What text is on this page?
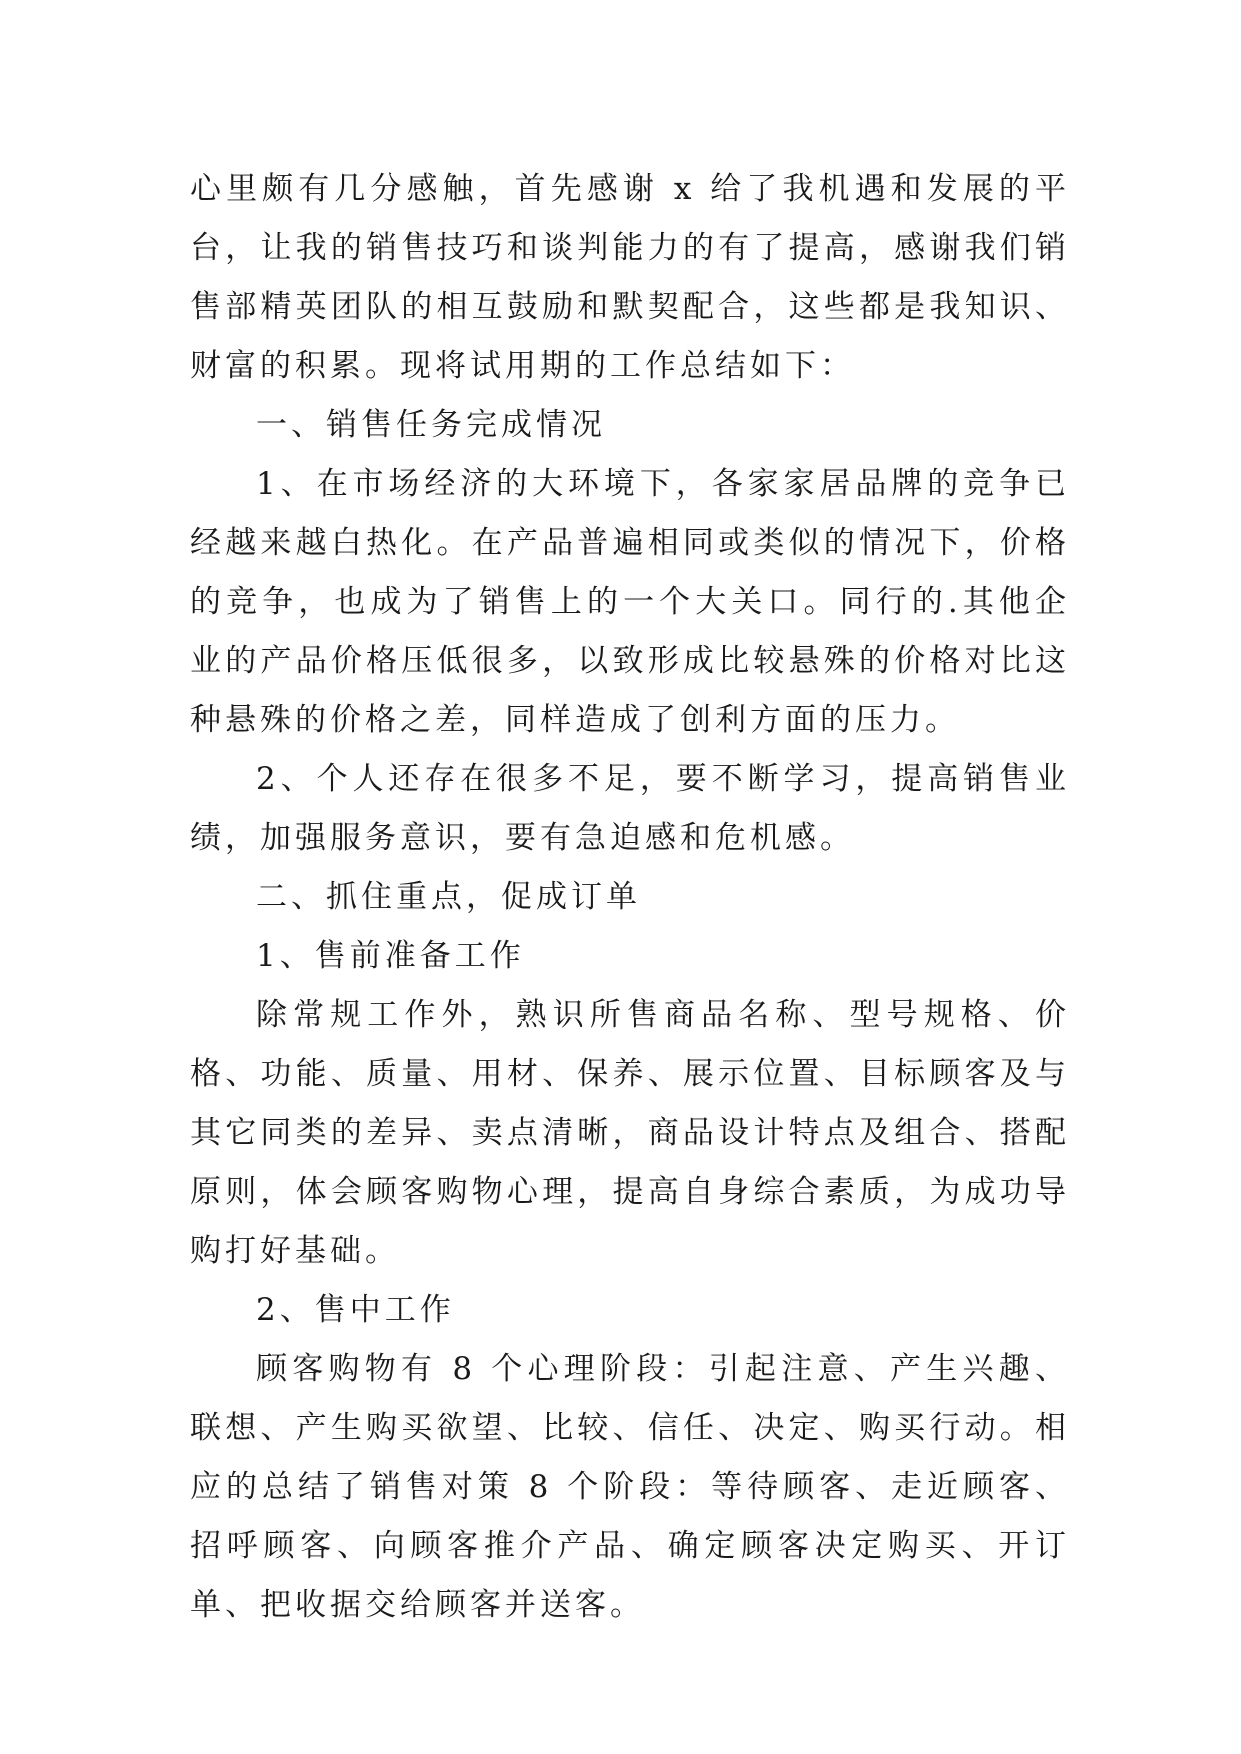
心里颇有几分感触，首先感谢 x 给了我机遇和发展的平台，让我的销售技巧和谈判能力的有了提高，感谢我们销售部精英团队的相互鼓励和默契配合，这些都是我知识、财富的积累。现将试用期的工作总结如下：

一、销售任务完成情况

1、在市场经济的大环境下，各家家居品牌的竞争已经越来越白热化。在产品普遍相同或类似的情况下，价格的竞争，也成为了销售上的一个大关口。同行的.其他企业的产品价格压低很多，以致形成比较悬殊的价格对比这种悬殊的价格之差，同样造成了创利方面的压力。

2、个人还存在很多不足，要不断学习，提高销售业绩，加强服务意识，要有急迫感和危机感。

二、抓住重点，促成订单

1、售前准备工作

除常规工作外，熟识所售商品名称、型号规格、价格、功能、质量、用材、保养、展示位置、目标顾客及与其它同类的差异、卖点清晰，商品设计特点及组合、搭配原则，体会顾客购物心理，提高自身综合素质，为成功导购打好基础。

2、售中工作

顾客购物有 8 个心理阶段：引起注意、产生兴趣、联想、产生购买欲望、比较、信任、决定、购买行动。相应的总结了销售对策 8 个阶段：等待顾客、走近顾客、招呼顾客、向顾客推介产品、确定顾客决定购买、开订单、把收据交给顾客并送客。
